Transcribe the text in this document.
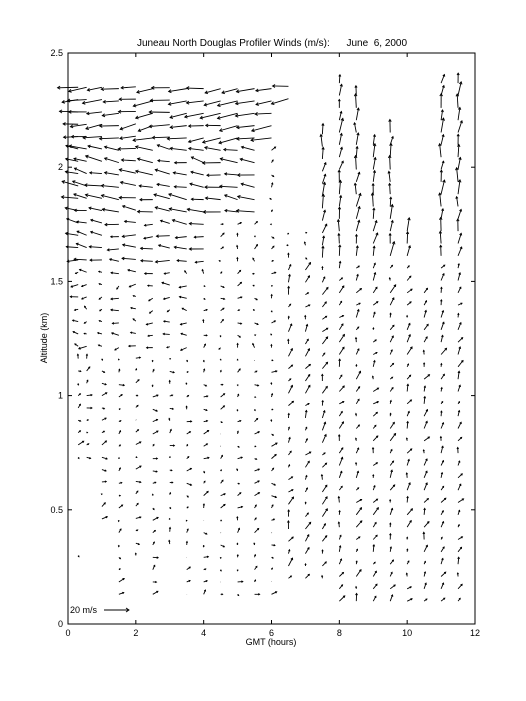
Juneau North Douglas Profiler Winds (m/s):      June  6, 2000
0	2	4	6	8	10	12
0
0.5
1
1.5
2
2.5
GMT (hours)
Altitude (km)
20 m/s
